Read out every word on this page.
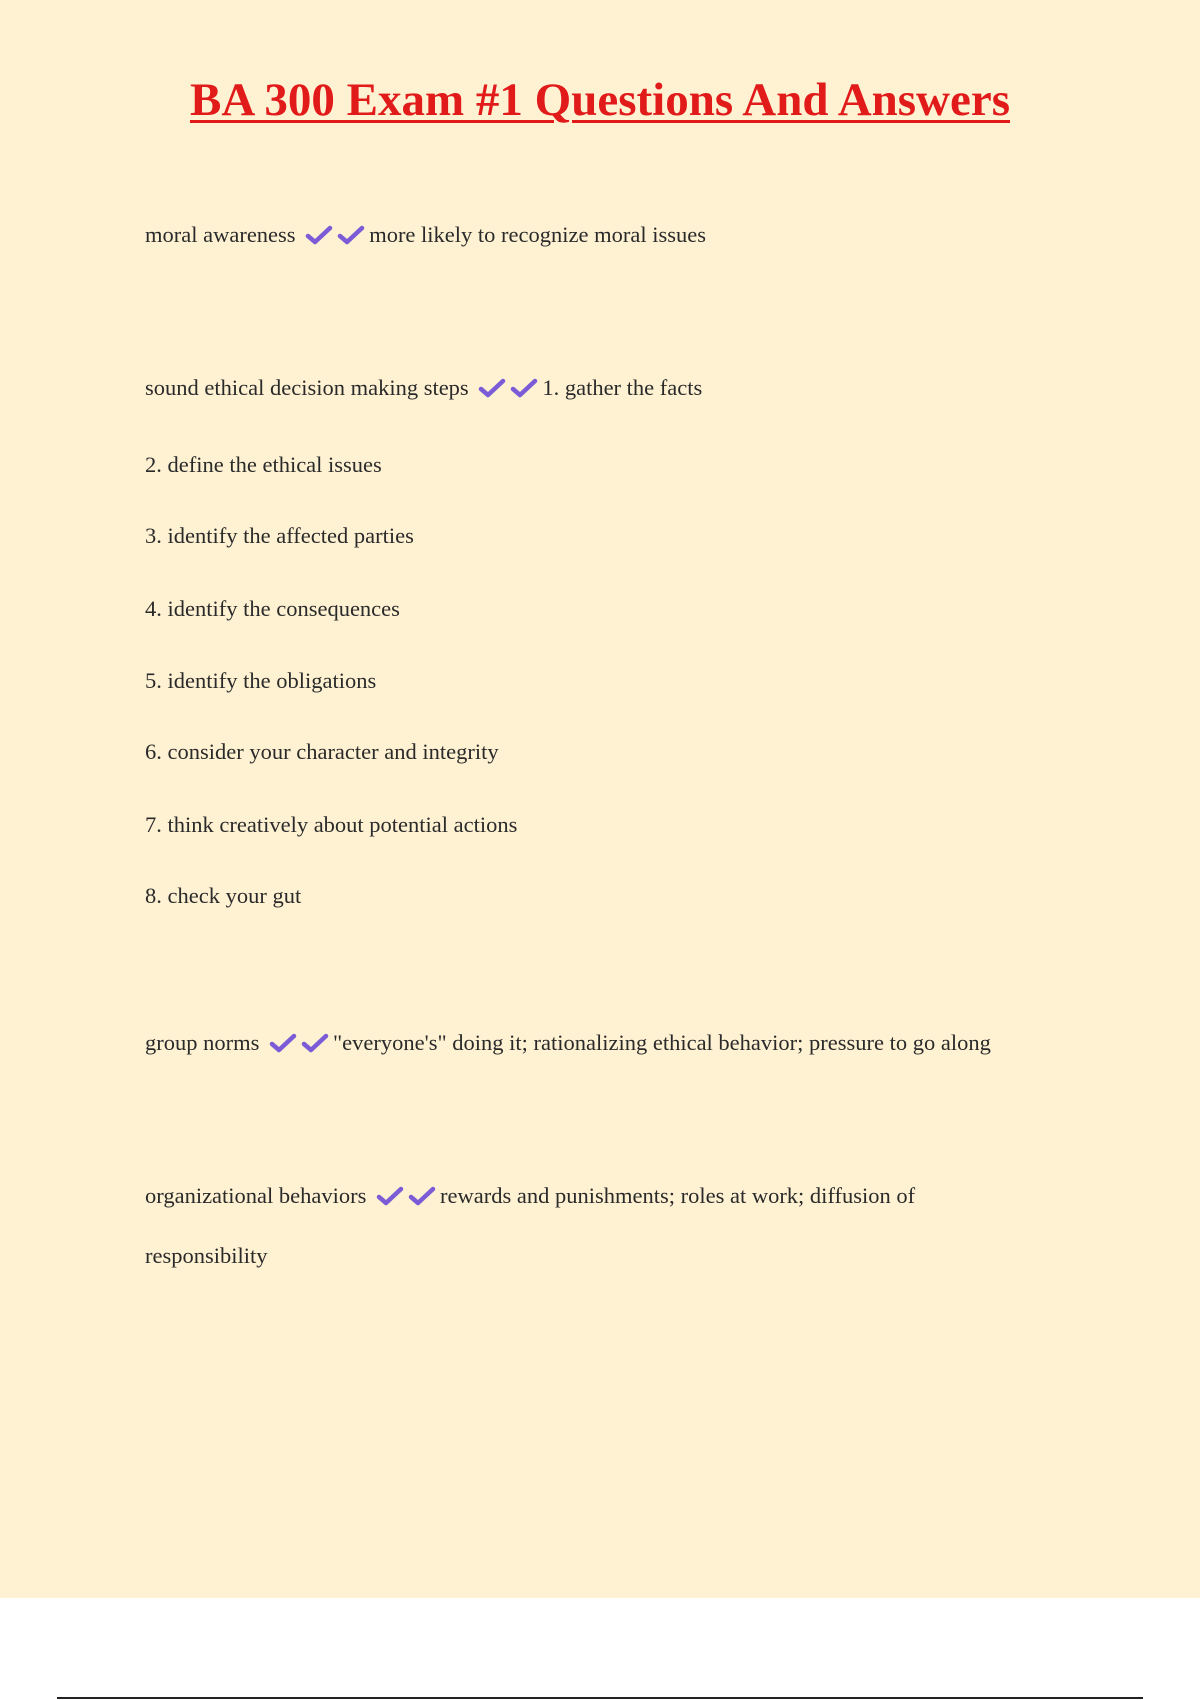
BA 300 Exam #1 Questions And Answers
moral awareness	more likely to recognize moral issues
sound ethical decision making steps	1. gather the facts
2. define the ethical issues
3. identify the affected parties
4. identify the consequences
5. identify the obligations
6. consider your character and integrity
7. think creatively about potential actions
8. check your gut
group norms	"everyone's" doing it; rationalizing ethical behavior; pressure to go along
organizational behaviors	rewards and punishments; roles at work; diffusion of
responsibility
